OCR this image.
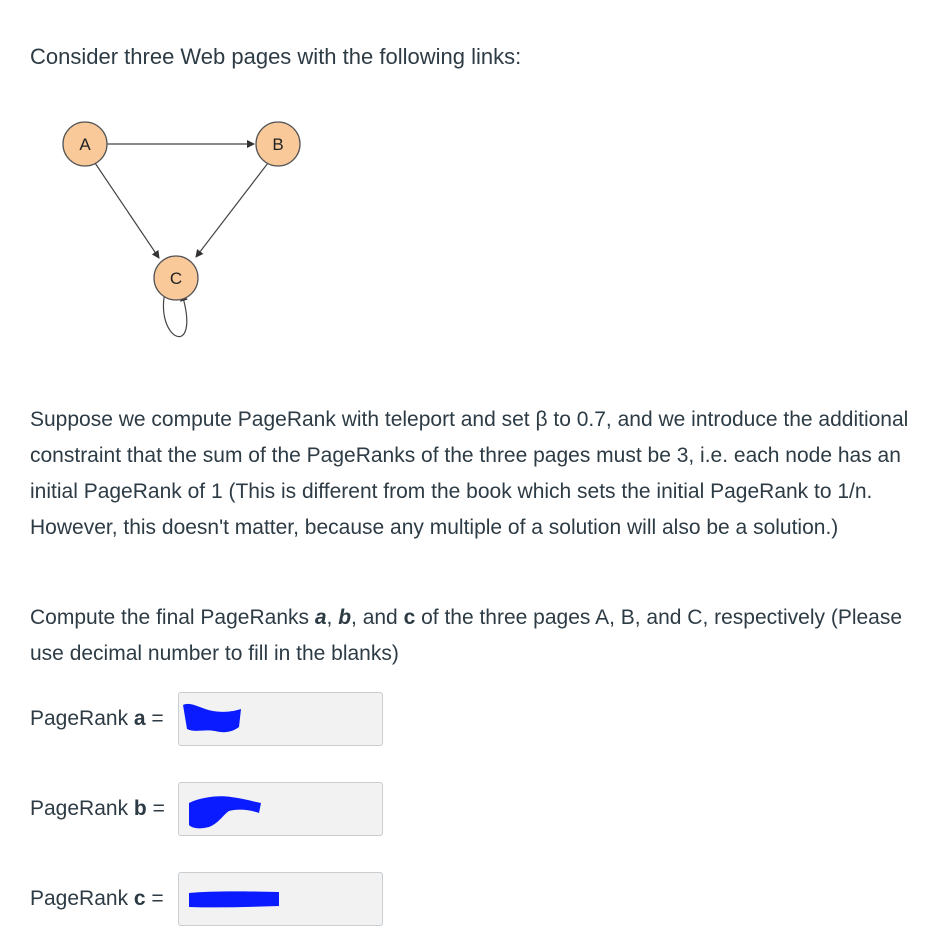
Consider three Web pages with the following links:

A	B
C

Suppose we compute PageRank with teleport and set β to 0.7, and we introduce the additional constraint that the sum of the PageRanks of the three pages must be 3, i.e. each node has an initial PageRank of 1 (This is different from the book which sets the initial PageRank to 1/n. However, this doesn't matter, because any multiple of a solution will also be a solution.)

Compute the final PageRanks a, b, and c of the three pages A, B, and C, respectively (Please use decimal number to fill in the blanks)

PageRank a =
PageRank b =
PageRank c =
